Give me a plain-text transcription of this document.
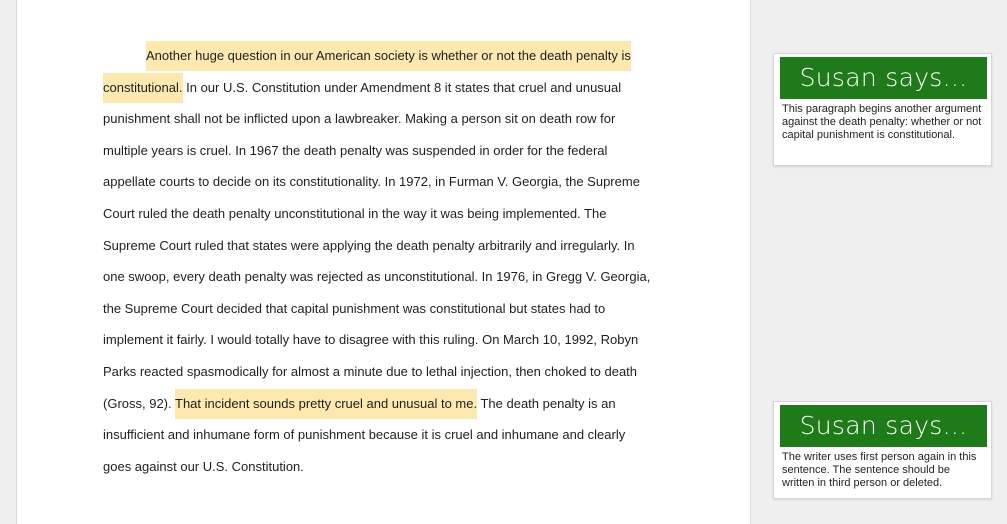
Another huge question in our American society is whether or not the death penalty is
constitutional. In our U.S. Constitution under Amendment 8 it states that cruel and unusual
punishment shall not be inflicted upon a lawbreaker. Making a person sit on death row for
multiple years is cruel. In 1967 the death penalty was suspended in order for the federal
appellate courts to decide on its constitutionality. In 1972, in Furman V. Georgia, the Supreme
Court ruled the death penalty unconstitutional in the way it was being implemented. The
Supreme Court ruled that states were applying the death penalty arbitrarily and irregularly. In
one swoop, every death penalty was rejected as unconstitutional. In 1976, in Gregg V. Georgia,
the Supreme Court decided that capital punishment was constitutional but states had to
implement it fairly. I would totally have to disagree with this ruling. On March 10, 1992, Robyn
Parks reacted spasmodically for almost a minute due to lethal injection, then choked to death
(Gross, 92). That incident sounds pretty cruel and unusual to me. The death penalty is an
insufficient and inhumane form of punishment because it is cruel and inhumane and clearly
goes against our U.S. Constitution.
Susan says...
This paragraph begins another argument against the death penalty: whether or not capital punishment is constitutional.
Susan says...
The writer uses first person again in this sentence. The sentence should be written in third person or deleted.
